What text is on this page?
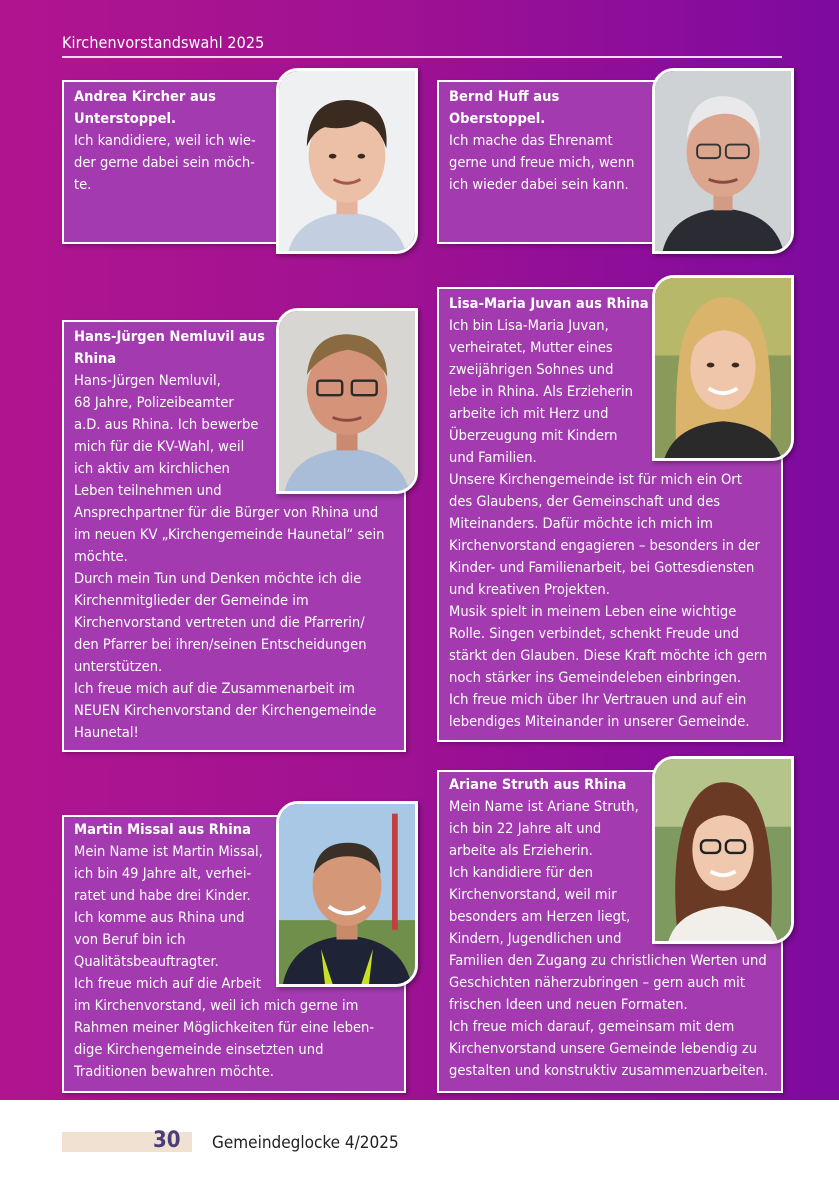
Kirchenvorstandswahl 2025
Andrea Kircher aus
Unterstoppel.
Ich kandidiere, weil ich wie-
der gerne dabei sein möch-
te.
Bernd Huff aus
Oberstoppel.
Ich mache das Ehrenamt
gerne und freue mich, wenn
ich wieder dabei sein kann.
Hans-Jürgen Nemluvil aus
Rhina
Hans-Jürgen Nemluvil,
68 Jahre, Polizeibeamter
a.D. aus Rhina. Ich bewerbe
mich für die KV-Wahl, weil
ich aktiv am kirchlichen
Leben teilnehmen und
Ansprechpartner für die Bürger von Rhina und
im neuen KV „Kirchengemeinde Haunetal“ sein
möchte.
Durch mein Tun und Denken möchte ich die
Kirchenmitglieder der Gemeinde im
Kirchenvorstand vertreten und die Pfarrerin/
den Pfarrer bei ihren/seinen Entscheidungen
unterstützen.
Ich freue mich auf die Zusammenarbeit im
NEUEN Kirchenvorstand der Kirchengemeinde
Haunetal!
Lisa-Maria Juvan aus Rhina
Ich bin Lisa-Maria Juvan,
verheiratet, Mutter eines
zweijährigen Sohnes und
lebe in Rhina. Als Erzieherin
arbeite ich mit Herz und
Überzeugung mit Kindern
und Familien.
Unsere Kirchengemeinde ist für mich ein Ort
des Glaubens, der Gemeinschaft und des
Miteinanders. Dafür möchte ich mich im
Kirchenvorstand engagieren – besonders in der
Kinder- und Familienarbeit, bei Gottesdiensten
und kreativen Projekten.
Musik spielt in meinem Leben eine wichtige
Rolle. Singen verbindet, schenkt Freude und
stärkt den Glauben. Diese Kraft möchte ich gern
noch stärker ins Gemeindeleben einbringen.
Ich freue mich über Ihr Vertrauen und auf ein
lebendiges Miteinander in unserer Gemeinde.
Martin Missal aus Rhina
Mein Name ist Martin Missal,
ich bin 49 Jahre alt, verhei-
ratet und habe drei Kinder.
Ich komme aus Rhina und
von Beruf bin ich
Qualitätsbeauftragter.
Ich freue mich auf die Arbeit
im Kirchenvorstand, weil ich mich gerne im
Rahmen meiner Möglichkeiten für eine leben-
dige Kirchengemeinde einsetzten und
Traditionen bewahren möchte.
Ariane Struth aus Rhina
Mein Name ist Ariane Struth,
ich bin 22 Jahre alt und
arbeite als Erzieherin.
Ich kandidiere für den
Kirchenvorstand, weil mir
besonders am Herzen liegt,
Kindern, Jugendlichen und
Familien den Zugang zu christlichen Werten und
Geschichten näherzubringen – gern auch mit
frischen Ideen und neuen Formaten.
Ich freue mich darauf, gemeinsam mit dem
Kirchenvorstand unsere Gemeinde lebendig zu
gestalten und konstruktiv zusammenzuarbeiten.
30 Gemeindeglocke 4/2025
